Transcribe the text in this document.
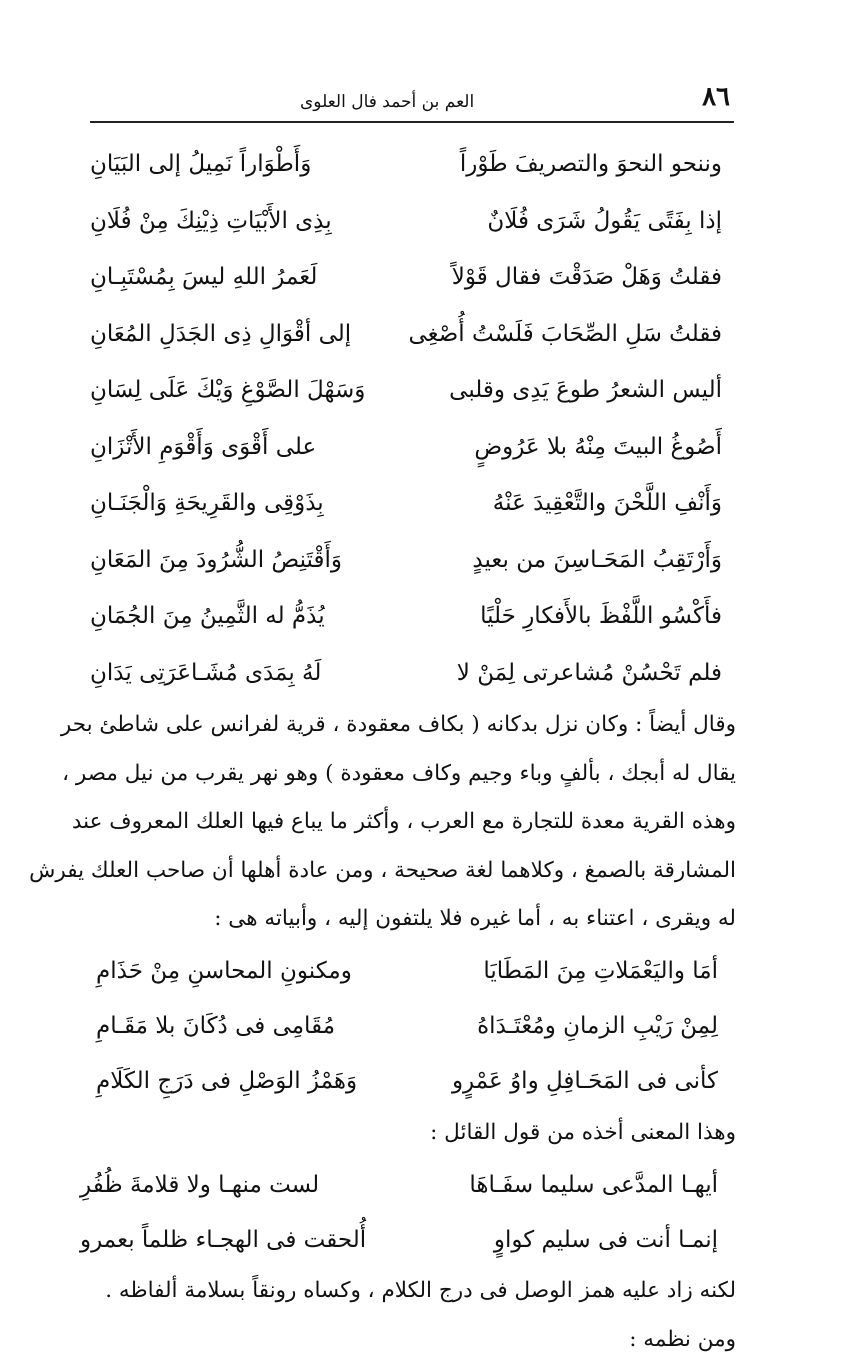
٨٦
العم بن أحمد فال العلوى
وننحو النحوَ والتصريفَ طَوْراً
وَأَطْوَاراً نَمِيلُ إلى البَيَانِ
إذا بِفَتًى يَقُولُ شَرَى فُلَانٌ
بِذِى الأَبْيَاتِ ذِيْنِكَ مِنْ فُلَانِ
فقلتُ وَهَلْ صَدَقْتَ فقال قَوْلاً
لَعَمرُ اللهِ ليسَ بِمُسْتَبِـانِ
فقلتُ سَلِ الصِّحَابَ فَلَسْتُ أُصْغِى
إلى أقْوَالِ ذِى الجَدَلِ المُعَانِ
أليس الشعرُ طوعَ يَدِى وقلبى
وَسَهْلَ الصَّوْغِ وَيْكَ عَلَى لِسَانِ
أَصُوغُ البيتَ مِنْهُ بلا عَرُوضٍ
على أَقْوَى وَأَقْوَمِ الأَتْزَانِ
وَأَنْفِ اللَّحْنَ والتَّعْقِيدَ عَنْهُ
بِذَوْقِى والقَرِيحَةِ وَالْجَنَـانِ
وَأَرْتَقِبُ المَحَـاسِنَ من بعيدٍ
وَأَقْتَنِصُ الشُّرُودَ مِنَ المَعَانِ
فأَكْسُو اللَّفْظَ بالأَفكارِ حَلْيًا
يُذَمُّ له الثَّمِينُ مِنَ الجُمَانِ
فلم تَحْسُنْ مُشاعرتى لِمَنْ لا
لَهُ بِمَدَى مُشَـاعَرَتِى يَدَانِ
وقال أيضاً : وكان نزل بدكانه ( بكاف معقودة ، قرية لفرانس على شاطئ بحر
يقال له أبجك ، بألفٍ وباء وجيم وكاف معقودة ) وهو نهر يقرب من نيل مصر ،
وهذه القرية معدة للتجارة مع العرب ، وأكثر ما يباع فيها العلك المعروف عند
المشارقة بالصمغ ، وكلاهما لغة صحيحة ، ومن عادة أهلها أن صاحب العلك يفرش
له ويقرى ، اعتناء به ، أما غيره فلا يلتفون إليه ، وأبياته هى :
أمَا واليَعْمَلاتِ مِنَ المَطَايَا
ومكنونِ المحاسنِ مِنْ حَذَامِ
لِمِنْ رَيْبِ الزمانِ ومُعْتَـدَاهُ
مُقَامِى فى دُكَانَ بلا مَقَـامِ
كأنى فى المَحَـافِلِ واوُ عَمْرٍو
وَهَمْزُ الوَصْلِ فى دَرَجِ الكَلَامِ
وهذا المعنى أخذه من قول القائل :
أيهـا المدَّعى سليما سفَـاهَا
لست منهـا ولا قلامةَ ظُفُرِ
إنمـا أنت فى سليم كواوٍ
أُلحقت فى الهجـاء ظلماً بعمرو
لكنه زاد عليه همز الوصل فى درج الكلام ، وكساه رونقاً بسلامة ألفاظه .
ومن نظمه :
